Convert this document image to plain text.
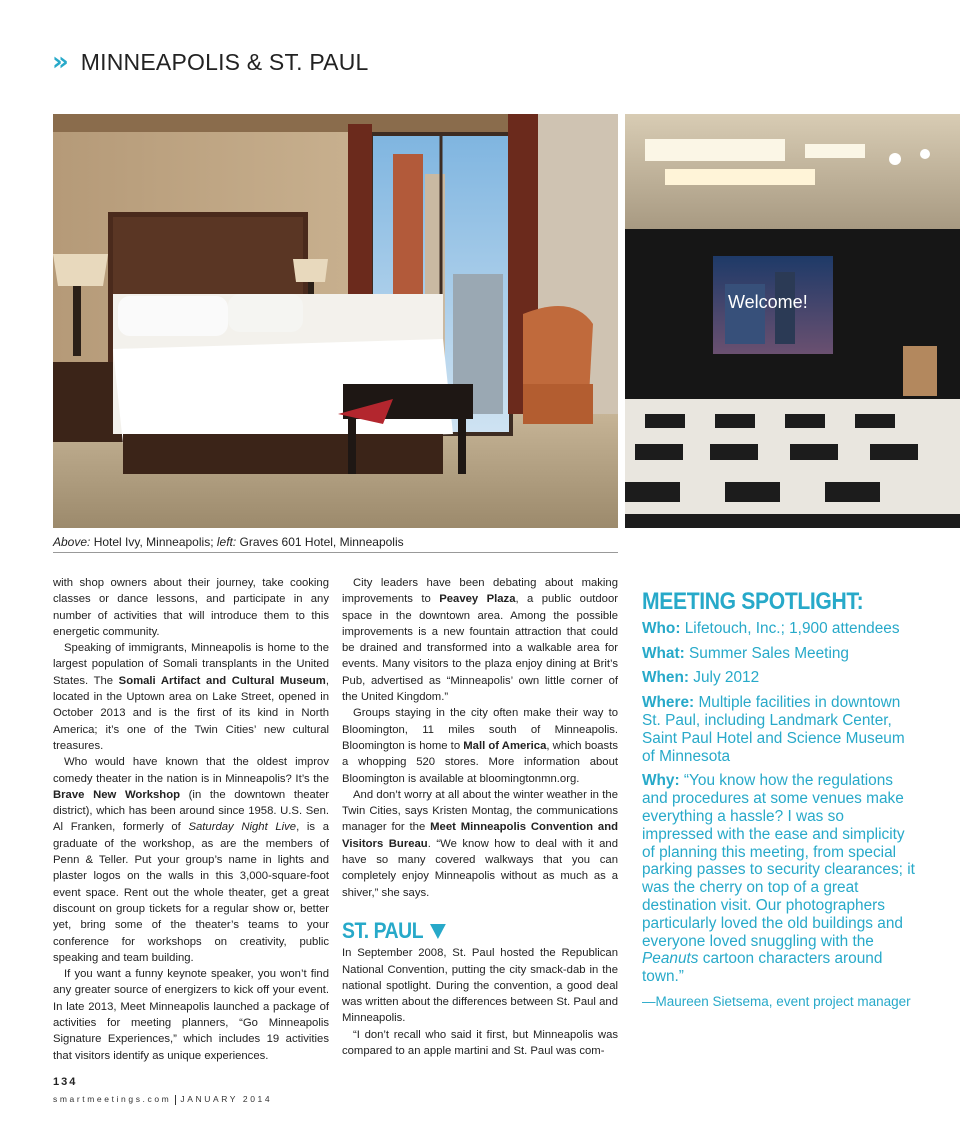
» MINNEAPOLIS & ST. PAUL
Welcome!
Above: Hotel Ivy, Minneapolis; left: Graves 601 Hotel, Minneapolis

with shop owners about their journey, take cooking classes or dance lessons, and participate in any number of activities that will introduce them to this energetic community.

Speaking of immigrants, Minneapolis is home to the largest population of Somali transplants in the United States. The Somali Artifact and Cultural Museum, located in the Uptown area on Lake Street, opened in October 2013 and is the first of its kind in North America; it’s one of the Twin Cities’ new cultural treasures.

Who would have known that the oldest improv comedy theater in the nation is in Minneapolis? It’s the Brave New Workshop (in the downtown theater district), which has been around since 1958. U.S. Sen. Al Franken, formerly of Saturday Night Live, is a graduate of the workshop, as are the members of Penn & Teller. Put your group’s name in lights and plaster logos on the walls in this 3,000-square-foot event space. Rent out the whole theater, get a great discount on group tickets for a regular show or, better yet, bring some of the theater’s teams to your conference for workshops on creativity, public speaking and team building.

If you want a funny keynote speaker, you won’t find any greater source of energizers to kick off your event. In late 2013, Meet Minneapolis launched a package of activities for meeting planners, “Go Minneapolis Signature Experiences,” which includes 19 activities that visitors identify as unique experiences.

City leaders have been debating about making improvements to Peavey Plaza, a public outdoor space in the downtown area. Among the possible improvements is a new fountain attraction that could be drained and transformed into a walkable area for events. Many visitors to the plaza enjoy dining at Brit’s Pub, advertised as “Minneapolis’ own little corner of the United Kingdom.”

Groups staying in the city often make their way to Bloomington, 11 miles south of Minneapolis. Bloomington is home to Mall of America, which boasts a whopping 520 stores. More information about Bloomington is available at bloomingtonmn.org.

And don’t worry at all about the winter weather in the Twin Cities, says Kristen Montag, the communications manager for the Meet Minneapolis Convention and Visitors Bureau. “We know how to deal with it and have so many covered walkways that you can completely enjoy Minneapolis without as much as a shiver,” she says.

ST. PAUL

In September 2008, St. Paul hosted the Republican National Convention, putting the city smack-dab in the national spotlight. During the convention, a good deal was written about the differences between St. Paul and Minneapolis.

“I don’t recall who said it first, but Minneapolis was compared to an apple martini and St. Paul was com-

MEETING SPOTLIGHT:
Who: Lifetouch, Inc.; 1,900 attendees
What: Summer Sales Meeting
When: July 2012
Where: Multiple facilities in downtown St. Paul, including Landmark Center, Saint Paul Hotel and Science Museum of Minnesota
Why: “You know how the regulations and procedures at some venues make everything a hassle? I was so impressed with the ease and simplicity of planning this meeting, from special parking passes to security clearances; it was the cherry on top of a great destination visit. Our photographers particularly loved the old buildings and everyone loved snuggling with the Peanuts cartoon characters around town.”
—Maureen Sietsema, event project manager
134
smartmeetings.com JANUARY 2014
